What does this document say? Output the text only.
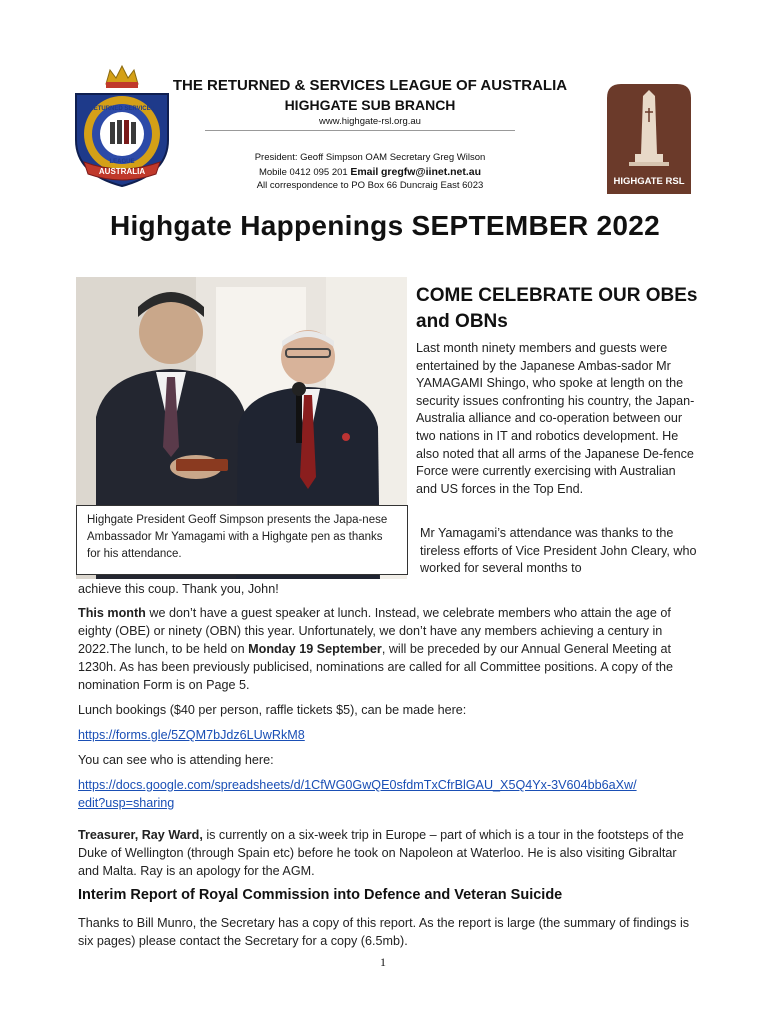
AUSTRALIA
RETURNED SERVICES
LEAGUE
HIGHGATE RSL
THE RETURNED & SERVICES LEAGUE OF AUSTRALIA
HIGHGATE SUB BRANCH
www.highgate-rsl.org.au
President: Geoff Simpson OAM Secretary Greg Wilson
Mobile 0412 095 201 Email gregfw@iinet.net.au
All correspondence to PO Box 66 Duncraig East 6023
Highgate Happenings SEPTEMBER 2022
Highgate President Geoff Simpson presents the Japa-nese Ambassador Mr Yamagami with a Highgate pen as thanks for his attendance.
COME CELEBRATE OUR OBEs and OBNs
Last month ninety members and guests were entertained by the Japanese Ambas-sador Mr YAMAGAMI Shingo, who spoke at length on the security issues confronting his country, the Japan-Australia alliance and co-operation between our two nations in IT and robotics development. He also noted that all arms of the Japanese De-fence Force were currently exercising with Australian and US forces in the Top End.
Mr Yamagami’s attendance was thanks to the tireless efforts of Vice President John Cleary, who worked for several months to
achieve this coup. Thank you, John!
This month we don’t have a guest speaker at lunch. Instead, we celebrate members who attain the age of eighty (OBE) or ninety (OBN) this year. Unfortunately, we don’t have any members achieving a century in 2022.The lunch, to be held on Monday 19 September, will be preceded by our Annual General Meeting at 1230h. As has been previously publicised, nominations are called for all Committee positions. A copy of the nomination Form is on Page 5.
Lunch bookings ($40 per person, raffle tickets $5), can be made here:
https://forms.gle/5ZQM7bJdz6LUwRkM8
You can see who is attending here:
https://docs.google.com/spreadsheets/d/1CfWG0GwQE0sfdmTxCfrBlGAU_X5Q4Yx-3V604bb6aXw/edit?usp=sharing
Treasurer, Ray Ward, is currently on a six-week trip in Europe – part of which is a tour in the footsteps of the Duke of Wellington (through Spain etc) before he took on Napoleon at Waterloo. He is also visiting Gibraltar and Malta. Ray is an apology for the AGM.
Interim Report of Royal Commission into Defence and Veteran Suicide
Thanks to Bill Munro, the Secretary has a copy of this report. As the report is large (the summary of findings is six pages) please contact the Secretary for a copy (6.5mb).
1
